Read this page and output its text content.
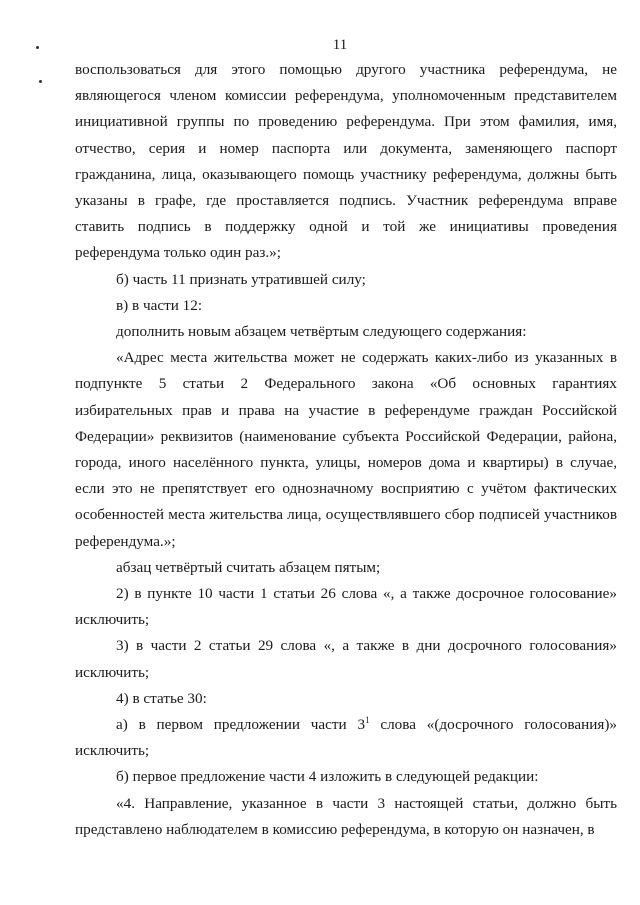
11

воспользоваться для этого помощью другого участника референдума, не являющегося членом комиссии референдума, уполномоченным представителем инициативной группы по проведению референдума. При этом фамилия, имя, отчество, серия и номер паспорта или документа, заменяющего паспорт гражданина, лица, оказывающего помощь участнику референдума, должны быть указаны в графе, где проставляется подпись. Участник референдума вправе ставить подпись в поддержку одной и той же инициативы проведения референдума только один раз.»;

б) часть 11 признать утратившей силу;

в) в части 12:

дополнить новым абзацем четвёртым следующего содержания:

«Адрес места жительства может не содержать каких-либо из указанных в подпункте 5 статьи 2 Федерального закона «Об основных гарантиях избирательных прав и права на участие в референдуме граждан Российской Федерации» реквизитов (наименование субъекта Российской Федерации, района, города, иного населённого пункта, улицы, номеров дома и квартиры) в случае, если это не препятствует его однозначному восприятию с учётом фактических особенностей места жительства лица, осуществлявшего сбор подписей участников референдума.»;

абзац четвёртый считать абзацем пятым;

2) в пункте 10 части 1 статьи 26 слова «, а также досрочное голосование» исключить;

3) в части 2 статьи 29 слова «, а также в дни досрочного голосования» исключить;

4) в статье 30:

а) в первом предложении части $3^1$ слова «(досрочного голосования)» исключить;

б) первое предложение части 4 изложить в следующей редакции:

«4. Направление, указанное в части 3 настоящей статьи, должно быть представлено наблюдателем в комиссию референдума, в которую он назначен, в
